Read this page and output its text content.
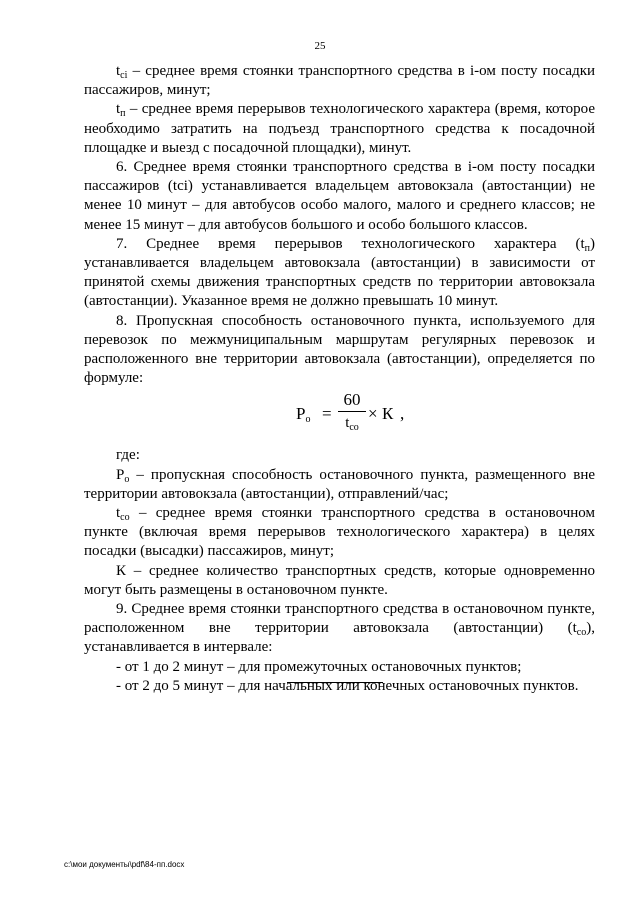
25

$t_{ci}$ – среднее время стоянки транспортного средства в i-ом посту посадки пассажиров, минут;

$t_п$ – среднее время перерывов технологического характера (время, которое необходимо затратить на подъезд транспортного средства к посадочной площадке и выезд с посадочной площадки), минут.

6. Среднее время стоянки транспортного средства в i-ом посту посадки пассажиров (tci) устанавливается владельцем автовокзала (автостанции) не менее 10 минут – для автобусов особо малого, малого и среднего классов; не менее 15 минут – для автобусов большого и особо большого классов.

7. Среднее время перерывов технологического характера $(t_п)$ устанавливается владельцем автовокзала (автостанции) в зависимости от принятой схемы движения транспортных средств по территории автовокзала (автостанции). Указанное время не должно превышать 10 минут.

8. Пропускная способность остановочного пункта, используемого для перевозок по межмуниципальным маршрутам регулярных перевозок и расположенного вне территории автовокзала (автостанции), определяется по формуле:

$P_о$ =
60
$t_{со}$
× К ,

где:

$P_о$ – пропускная способность остановочного пункта, размещенного вне территории автовокзала (автостанции), отправлений/час;

$t_{со}$ – среднее время стоянки транспортного средства в остановочном пункте (включая время перерывов технологического характера) в целях посадки (высадки) пассажиров, минут;

К – среднее количество транспортных средств, которые одновременно могут быть размещены в остановочном пункте.

9. Среднее время стоянки транспортного средства в остановочном пункте, расположенном вне территории автовокзала (автостанции) $(t_{со})$, устанавливается в интервале:

- от 1 до 2 минут – для промежуточных остановочных пунктов;

- от 2 до 5 минут – для начальных или конечных остановочных пунктов.

c:\мои документы\pdf\84-пп.docx
